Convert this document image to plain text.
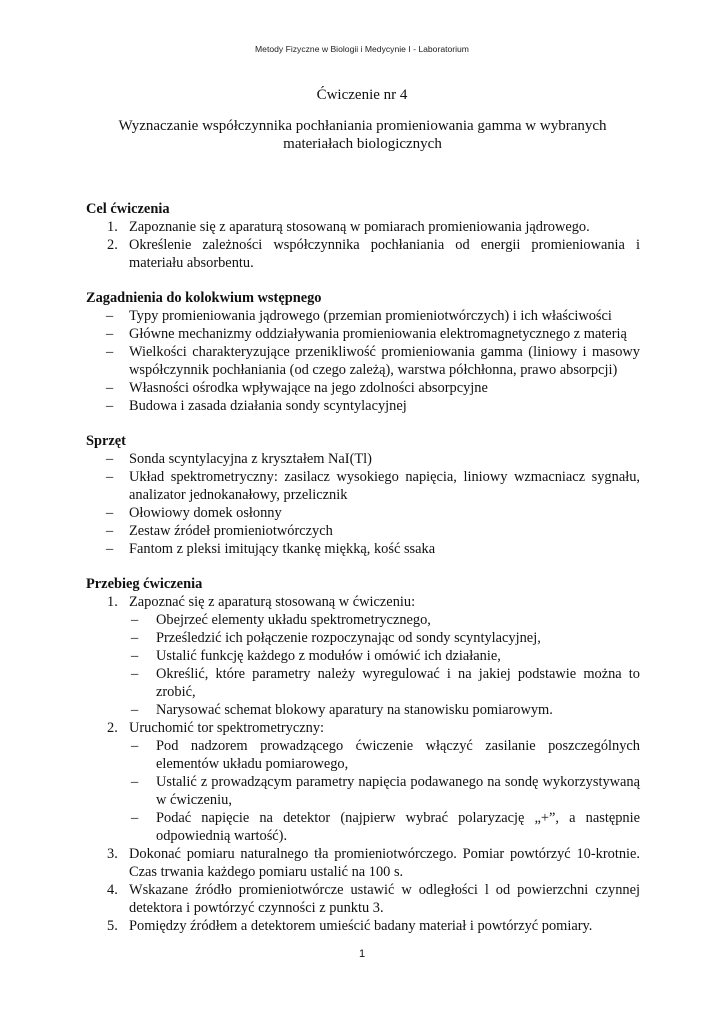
Metody Fizyczne w Biologii i Medycynie I - Laboratorium
Ćwiczenie nr 4
Wyznaczanie współczynnika pochłaniania promieniowania gamma w wybranych materiałach biologicznych
Cel ćwiczenia
1. Zapoznanie się z aparaturą stosowaną w pomiarach promieniowania jądrowego.
2. Określenie zależności współczynnika pochłaniania od energii promieniowania i materiału absorbentu.
Zagadnienia do kolokwium wstępnego
– Typy promieniowania jądrowego (przemian promieniotwórczych) i ich właściwości
– Główne mechanizmy oddziaływania promieniowania elektromagnetycznego z materią
– Wielkości charakteryzujące przenikliwość promieniowania gamma (liniowy i masowy współczynnik pochłaniania (od czego zależą), warstwa półchłonna, prawo absorpcji)
– Własności ośrodka wpływające na jego zdolności absorpcyjne
– Budowa i zasada działania sondy scyntylacyjnej
Sprzęt
– Sonda scyntylacyjna z kryształem NaI(Tl)
– Układ spektrometryczny: zasilacz wysokiego napięcia, liniowy wzmacniacz sygnału, analizator jednokanałowy, przelicznik
– Ołowiowy domek osłonny
– Zestaw źródeł promieniotwórczych
– Fantom z pleksi imitujący tkankę miękką, kość ssaka
Przebieg ćwiczenia
1. Zapoznać się z aparaturą stosowaną w ćwiczeniu:
– Obejrzeć elementy układu spektrometrycznego,
– Prześledzić ich połączenie rozpoczynając od sondy scyntylacyjnej,
– Ustalić funkcję każdego z modułów i omówić ich działanie,
– Określić, które parametry należy wyregulować i na jakiej podstawie można to zrobić,
– Narysować schemat blokowy aparatury na stanowisku pomiarowym.
2. Uruchomić tor spektrometryczny:
– Pod nadzorem prowadzącego ćwiczenie włączyć zasilanie poszczególnych elementów układu pomiarowego,
– Ustalić z prowadzącym parametry napięcia podawanego na sondę wykorzystywaną w ćwiczeniu,
– Podać napięcie na detektor (najpierw wybrać polaryzację „+”, a następnie odpowiednią wartość).
3. Dokonać pomiaru naturalnego tła promieniotwórczego. Pomiar powtórzyć 10-krotnie. Czas trwania każdego pomiaru ustalić na 100 s.
4. Wskazane źródło promieniotwórcze ustawić w odległości l od powierzchni czynnej detektora i powtórzyć czynności z punktu 3.
5. Pomiędzy źródłem a detektorem umieścić badany materiał i powtórzyć pomiary.
1
